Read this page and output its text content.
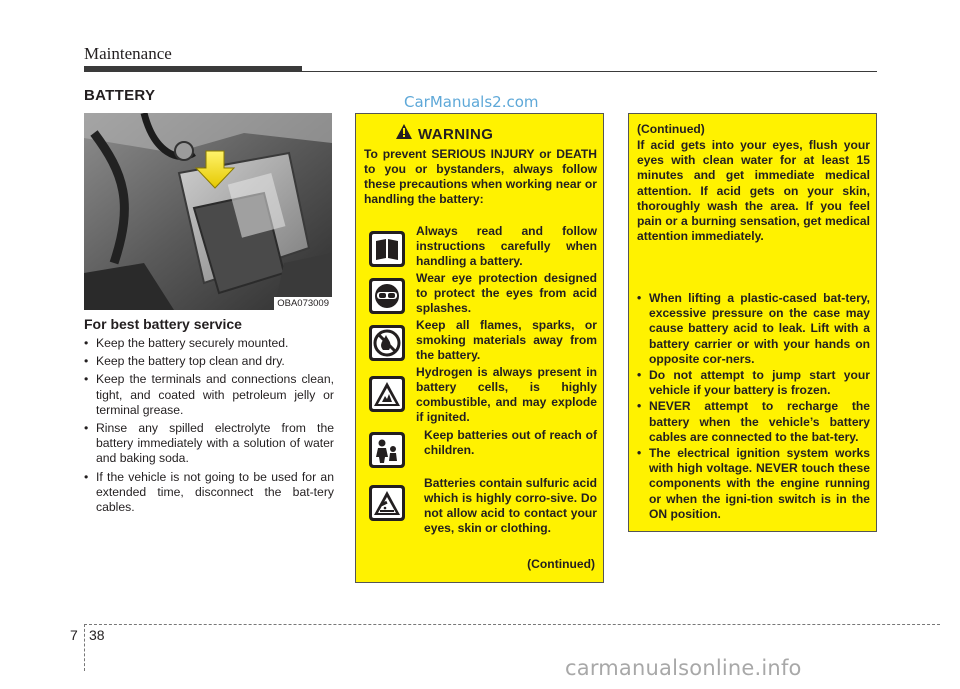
Maintenance
BATTERY	CarManuals2.com
OBA073009
For best battery service
• Keep the battery securely mounted.
• Keep the battery top clean and dry.
• Keep the terminals and connections clean, tight, and coated with petroleum jelly or terminal grease.
• Rinse any spilled electrolyte from the battery immediately with a solution of water and baking soda.
• If the vehicle is not going to be used for an extended time, disconnect the bat-tery cables.
WARNING
To prevent SERIOUS INJURY or DEATH to you or bystanders, always follow these precautions when working near or handling the battery:
Always read and follow instructions carefully when handling a battery.
Wear eye protection designed to protect the eyes from acid splashes.
Keep all flames, sparks, or smoking materials away from the battery.
Hydrogen is always present in battery cells, is highly combustible, and may explode if ignited.
Keep batteries out of reach of children.
Batteries contain sulfuric acid which is highly corro-sive. Do not allow acid to contact your eyes, skin or clothing.
(Continued)
(Continued)
If acid gets into your eyes, flush your eyes with clean water for at least 15 minutes and get immediate medical attention. If acid gets on your skin, thoroughly wash the area. If you feel pain or a burning sensation, get medical attention immediately.
• When lifting a plastic-cased bat-tery, excessive pressure on the case may cause battery acid to leak. Lift with a battery carrier or with your hands on opposite cor-ners.
• Do not attempt to jump start your vehicle if your battery is frozen.
• NEVER attempt to recharge the battery when the vehicle’s battery cables are connected to the bat-tery.
• The electrical ignition system works with high voltage. NEVER touch these components with the engine running or when the igni-tion switch is in the ON position.
7 38
carmanualsonline.info
